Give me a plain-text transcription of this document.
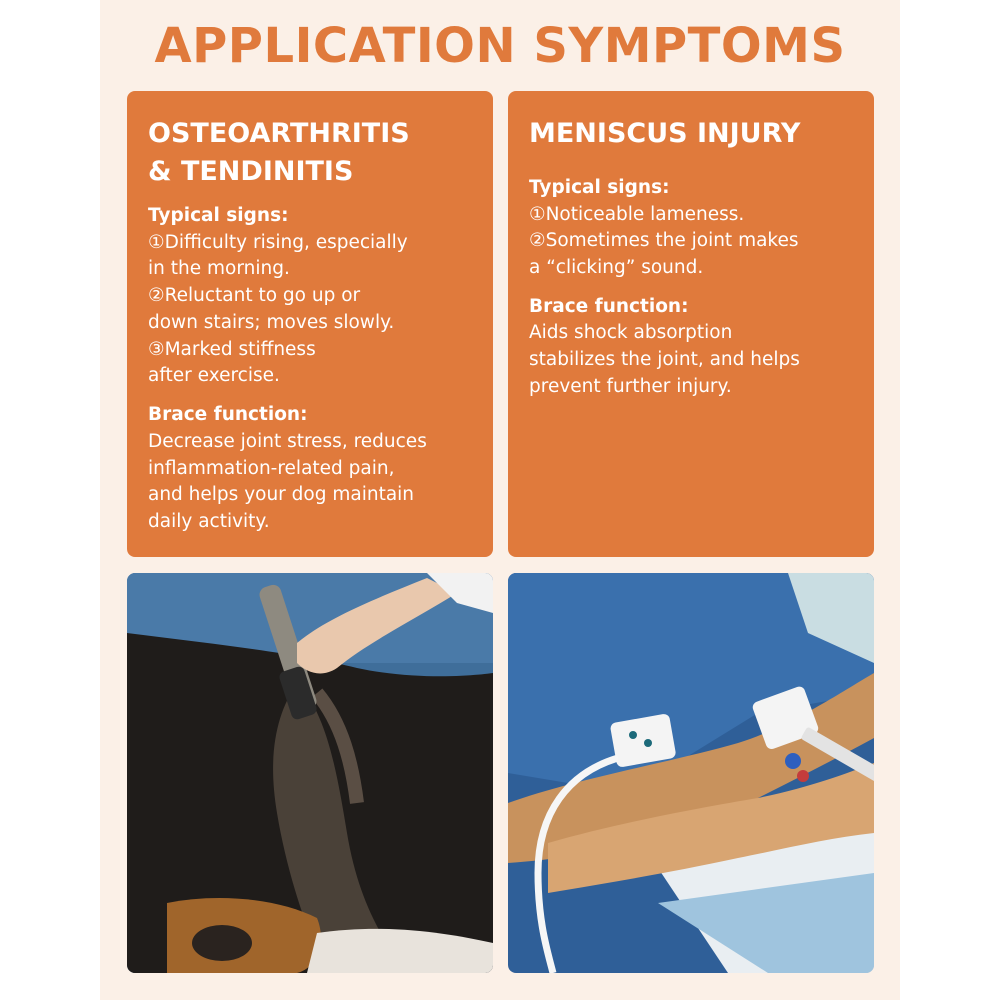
APPLICATION SYMPTOMS
OSTEOARTHRITIS
& TENDINITIS
Typical signs:
①Difficulty rising, especially
in the morning.
②Reluctant to go up or
down stairs; moves slowly.
③Marked stiffness
after exercise.
Brace function:
Decrease joint stress, reduces
inflammation-related pain,
and helps your dog maintain
daily activity.
MENISCUS INJURY
Typical signs:
①Noticeable lameness.
②Sometimes the joint makes
a “clicking” sound.
Brace function:
Aids shock absorption
stabilizes the joint, and helps
prevent further injury.
